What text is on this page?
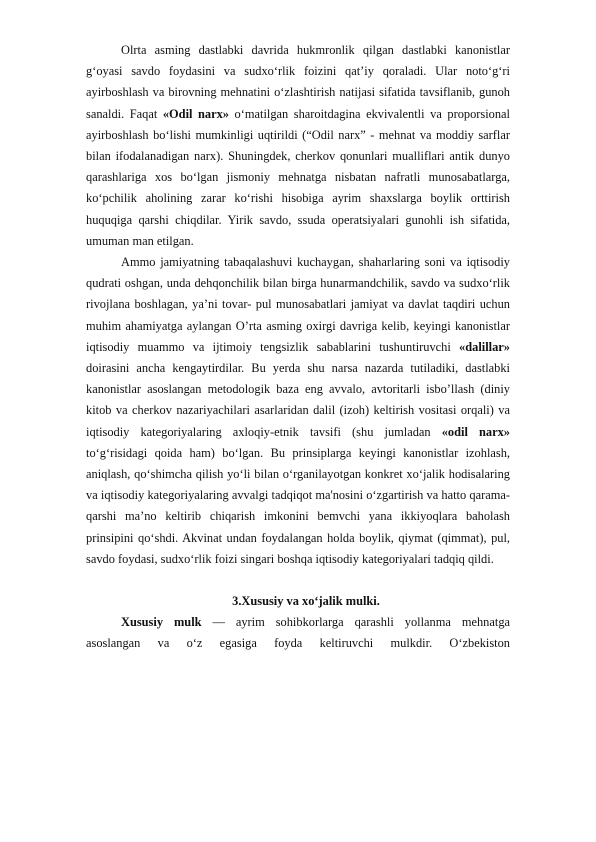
Olrta asming dastlabki davrida hukmronlik qilgan dastlabki kanonistlar g‘oyasi savdo foydasini va sudxo‘rlik foizini qat’iy qoraladi. Ular noto‘g‘ri ayirboshlash va birovning mehnatini o‘zlashtirish natijasi sifatida tavsiflanib, gunoh sanaldi. Faqat «Odil narx» o‘matilgan sharoitdagina ekvivalentli va proporsional ayirboshlash bo‘lishi mumkinligi uqtirildi (“Odil narx” - mehnat va moddiy sarflar bilan ifodalanadigan narx). Shuningdek, cherkov qonunlari mualliflari antik dunyo qarashlariga xos bo‘lgan jismoniy mehnatga nisbatan nafratli munosabatlarga, ko‘pchilik aholining zarar ko‘rishi hisobiga ayrim shaxslarga boylik orttirish huquqiga qarshi chiqdilar. Yirik savdo, ssuda operatsiyalari gunohli ish sifatida, umuman man etilgan.

Ammo jamiyatning tabaqalashuvi kuchaygan, shaharlaring soni va iqtisodiy qudrati oshgan, unda dehqonchilik bilan birga hunarmandchilik, savdo va sudxo‘rlik rivojlana boshlagan, ya’ni tovar- pul munosabatlari jamiyat va davlat taqdiri uchun muhim ahamiyatga aylangan O’rta asming oxirgi davriga kelib, keyingi kanonistlar iqtisodiy muammo va ijtimoiy tengsizlik sabablarini tushuntiruvchi «dalillar» doirasini ancha kengaytirdilar. Bu yerda shu narsa nazarda tutiladiki, dastlabki kanonistlar asoslangan metodologik baza eng avvalo, avtoritarli isbo’llash (diniy kitob va cherkov nazariyachilari asarlaridan dalil (izoh) keltirish vositasi orqali) va iqtisodiy kategoriyalaring axloqiy-etnik tavsifi (shu jumladan «odil narx» to‘g‘risidagi qoida ham) bo‘lgan. Bu prinsiplarga keyingi kanonistlar izohlash, aniqlash, qo‘shimcha qilish yo‘li bilan o‘rganilayotgan konkret xo‘jalik hodisalaring va iqtisodiy kategoriyalaring avvalgi tadqiqot ma'nosini o‘zgartirish va hatto qarama-qarshi ma’no keltirib chiqarish imkonini bemvchi yana ikkiyoqlara baholash prinsipini qo‘shdi. Akvinat undan foydalangan holda boylik, qiymat (qimmat), pul, savdo foydasi, sudxo‘rlik foizi singari boshqa iqtisodiy kategoriyalari tadqiq qildi.

3.Xususiy va xo‘jalik mulki.

Xususiy mulk — ayrim sohibkorlarga qarashli yollanma mehnatga asoslangan va o‘z egasiga foyda keltiruvchi mulkdir. O‘zbekiston
